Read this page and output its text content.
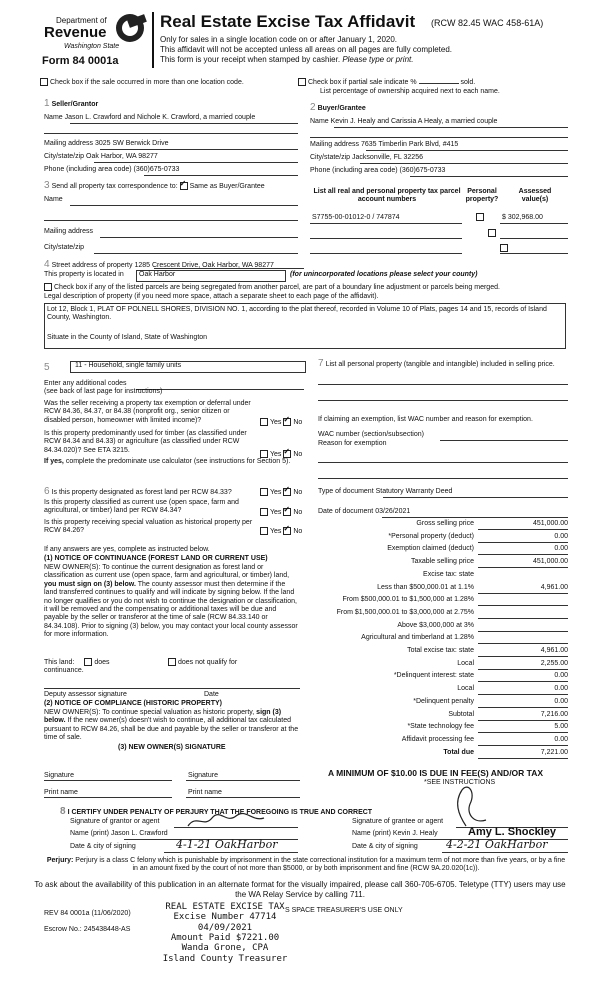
Department of
Revenue
Washington State
Form 84 0001a
Real Estate Excise Tax Affidavit (RCW 82.45 WAC 458-61A)
Only for sales in a single location code on or after January 1, 2020.
This affidavit will not be accepted unless all areas on all pages are fully completed.
This form is your receipt when stamped by cashier. Please type or print.
Check box if the sale occurred in more than one location code.	Check box if partial sale indicate %	sold.
List percentage of ownership acquired next to each name.
1 Seller/Grantor
Name Jason L. Crawford and Nichole K. Crawford, a married couple
Mailing address 3025 SW Berwick Drive
City/state/zip Oak Harbor, WA 98277
Phone (including area code) (360)675-0733
2 Buyer/Grantee
Name Kevin J. Healy and Carissia A Healy, a married couple
Mailing address 7635 Timberlin Park Blvd, #415
City/state/zip Jacksonville, FL 32256
Phone (including area code) (360)675-0733
3 Send all property tax correspondence to: ✓ Same as Buyer/Grantee
Name
Mailing address
City/state/zip
List all real and personal property tax parcel account numbers
Personal property?
Assessed value(s)
S7755-00-01012-0 / 747874
	$ 302,968.00

4 Street address of property 1285 Crescent Drive, Oak Harbor, WA 98277
This property is located in Oak Harbor	(for unincorporated locations please select your county)
Check box if any of the listed parcels are being segregated from another parcel, are part of a boundary line adjustment or parcels being merged.
Legal description of property (if you need more space, attach a separate sheet to each page of the affidavit).
Lot 12, Block 1, PLAT OF POLNELL SHORES, DIVISION NO. 1, according to the plat thereof, recorded in Volume 10 of Plats, pages 14 and 15, records of Island County, Washington.
Situate in the County of Island, State of Washington
5	11 - Household, single family units
Enter any additional codes
(see back of last page for instructions)
Was the seller receiving a property tax exemption or deferral under RCW 84.36, 84.37, or 84.38 (nonprofit org., senior citizen or disabled person, homeowner with limited income)?	Yes ✓ No
Is this property predominantly used for timber (as classified under RCW 84.34 and 84.33) or agriculture (as classified under RCW 84.34.020)? See ETA 3215.
Yes ✓ No
If yes, complete the predominate use calculator (see instructions for Section 5).
6 Is this property designated as forest land per RCW 84.33?	Yes ✓ No
Is this property classified as current use (open space, farm and agricultural, or timber) land per RCW 84.34?	Yes ✓ No
Is this property receiving special valuation as historical property per RCW 84.26?	Yes ✓ No
If any answers are yes, complete as instructed below.
(1) NOTICE OF CONTINUANCE (FOREST LAND OR CURRENT USE)
NEW OWNER(S): To continue the current designation as forest land or classification as current use (open space, farm and agricultural, or timber) land, you must sign on (3) below. The county assessor must then determine if the land transferred continues to qualify and will indicate by signing below. If the land no longer qualifies or you do not wish to continue the designation or classification, it will be removed and the compensating or additional taxes will be due and payable by the seller or transferor at the time of sale (RCW 84.33.140 or 84.34.108). Prior to signing (3) below, you may contact your local county assessor for more information.
This land:	does	does not qualify for
continuance.
Deputy assessor signature	Date
(2) NOTICE OF COMPLIANCE (HISTORIC PROPERTY)
NEW OWNER(S): To continue special valuation as historic property, sign (3) below. If the new owner(s) doesn't wish to continue, all additional tax calculated pursuant to RCW 84.26, shall be due and payable by the seller or transferor at the time of sale.
(3) NEW OWNER(S) SIGNATURE
Signature	Signature
Print name	Print name
7 List all personal property (tangible and intangible) included in selling price.
If claiming an exemption, list WAC number and reason for exemption.
WAC number (section/subsection)
Reason for exemption
Type of document Statutory Warranty Deed
Date of document 03/26/2021
Gross selling price	451,000.00
*Personal property (deduct)	0.00
Exemption claimed (deduct)	0.00
Taxable selling price	451,000.00
Excise tax: state
Less than $500,000.01 at 1.1%	4,961.00
From $500,000.01 to $1,500,000 at 1.28%
From $1,500,000.01 to $3,000,000 at 2.75%
Above $3,000,000 at 3%
Agricultural and timberland at 1.28%
Total excise tax: state	4,961.00
Local	2,255.00
*Delinquent interest: state	0.00
Local	0.00
*Delinquent penalty	0.00
Subtotal	7,216.00
*State technology fee	5.00
Affidavit processing fee	0.00
Total due	7,221.00
A MINIMUM OF $10.00 IS DUE IN FEE(S) AND/OR TAX
*SEE INSTRUCTIONS
8 I CERTIFY UNDER PENALTY OF PERJURY THAT THE FOREGOING IS TRUE AND CORRECT
Signature of grantor or agent
Name (print) Jason L. Crawford
Date & city of signing	4-1-21 OakHarbor
Signature of grantee or agent
Name (print) Kevin J. Healy	Amy L. Shockley
Date & city of signing	4-2-21 OakHarbor
Perjury: Perjury is a class C felony which is punishable by imprisonment in the state correctional institution for a maximum term of not more than five years, or by a fine in an amount fixed by the court of not more than $5000, or by both imprisonment and fine (RCW 9A.20.020(1c)).
To ask about the availability of this publication in an alternate format for the visually impaired, please call 360-705-6705. Teletype (TTY) users may use the WA Relay Service by calling 711.
REV 84 0001a (11/06/2020)
Escrow No.: 245438448-AS
S SPACE TREASURER'S USE ONLY
REAL ESTATE EXCISE TAX
Excise Number 47714
04/09/2021
Amount Paid $7221.00
Wanda Grone, CPA
Island County Treasurer
